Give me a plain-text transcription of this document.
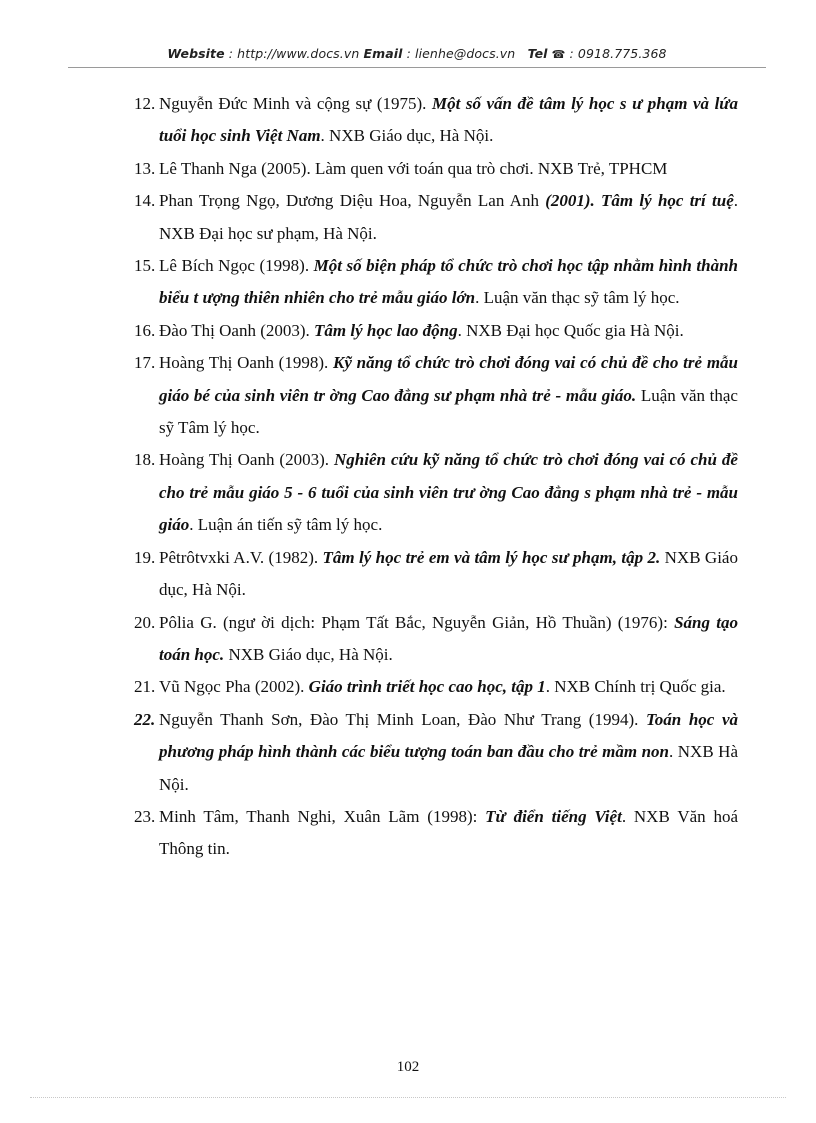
Website : http://www.docs.vn Email : lienhe@docs.vn Tel ☎ : 0918.775.368
12. Nguyễn Đức Minh và cộng sự (1975). Một số vấn đề tâm lý học s ư phạm và lứa tuổi học sinh Việt Nam. NXB Giáo dục, Hà Nội.
13. Lê Thanh Nga (2005). Làm quen với toán qua trò chơi. NXB Trẻ, TPHCM
14. Phan Trọng Ngọ, Dương Diệu Hoa, Nguyễn Lan Anh (2001). Tâm lý học trí tuệ. NXB Đại học sư phạm, Hà Nội.
15. Lê Bích Ngọc (1998). Một số biện pháp tổ chức trò chơi học tập nhằm hình thành biểu t ượng thiên nhiên cho trẻ mẫu giáo lớn. Luận văn thạc sỹ tâm lý học.
16. Đào Thị Oanh (2003). Tâm lý học lao động. NXB Đại học Quốc gia Hà Nội.
17. Hoàng Thị Oanh (1998). Kỹ năng tổ chức trò chơi đóng vai có chủ đề cho trẻ mẫu giáo bé của sinh viên tr ờng Cao đẳng sư phạm nhà trẻ - mẫu giáo. Luận văn thạc sỹ Tâm lý học.
18. Hoàng Thị Oanh (2003). Nghiên cứu kỹ năng tổ chức trò chơi đóng vai có chủ đề cho trẻ mẫu giáo 5 - 6 tuổi của sinh viên trư ờng Cao đẳng s phạm nhà trẻ - mẫu giáo. Luận án tiến sỹ tâm lý học.
19. Pêtrôtvxki A.V. (1982). Tâm lý học trẻ em và tâm lý học sư phạm, tập 2. NXB Giáo dục, Hà Nội.
20. Pôlia G. (ngư ời dịch: Phạm Tất Bắc, Nguyễn Giản, Hồ Thuần) (1976): Sáng tạo toán học. NXB Giáo dục, Hà Nội.
21. Vũ Ngọc Pha (2002). Giáo trình triết học cao học, tập 1. NXB Chính trị Quốc gia.
22. Nguyễn Thanh Sơn, Đào Thị Minh Loan, Đào Như Trang (1994). Toán học và phương pháp hình thành các biểu tượng toán ban đầu cho trẻ mầm non. NXB Hà Nội.
23. Minh Tâm, Thanh Nghi, Xuân Lãm (1998): Từ điển tiếng Việt. NXB Văn hoá Thông tin.
102
